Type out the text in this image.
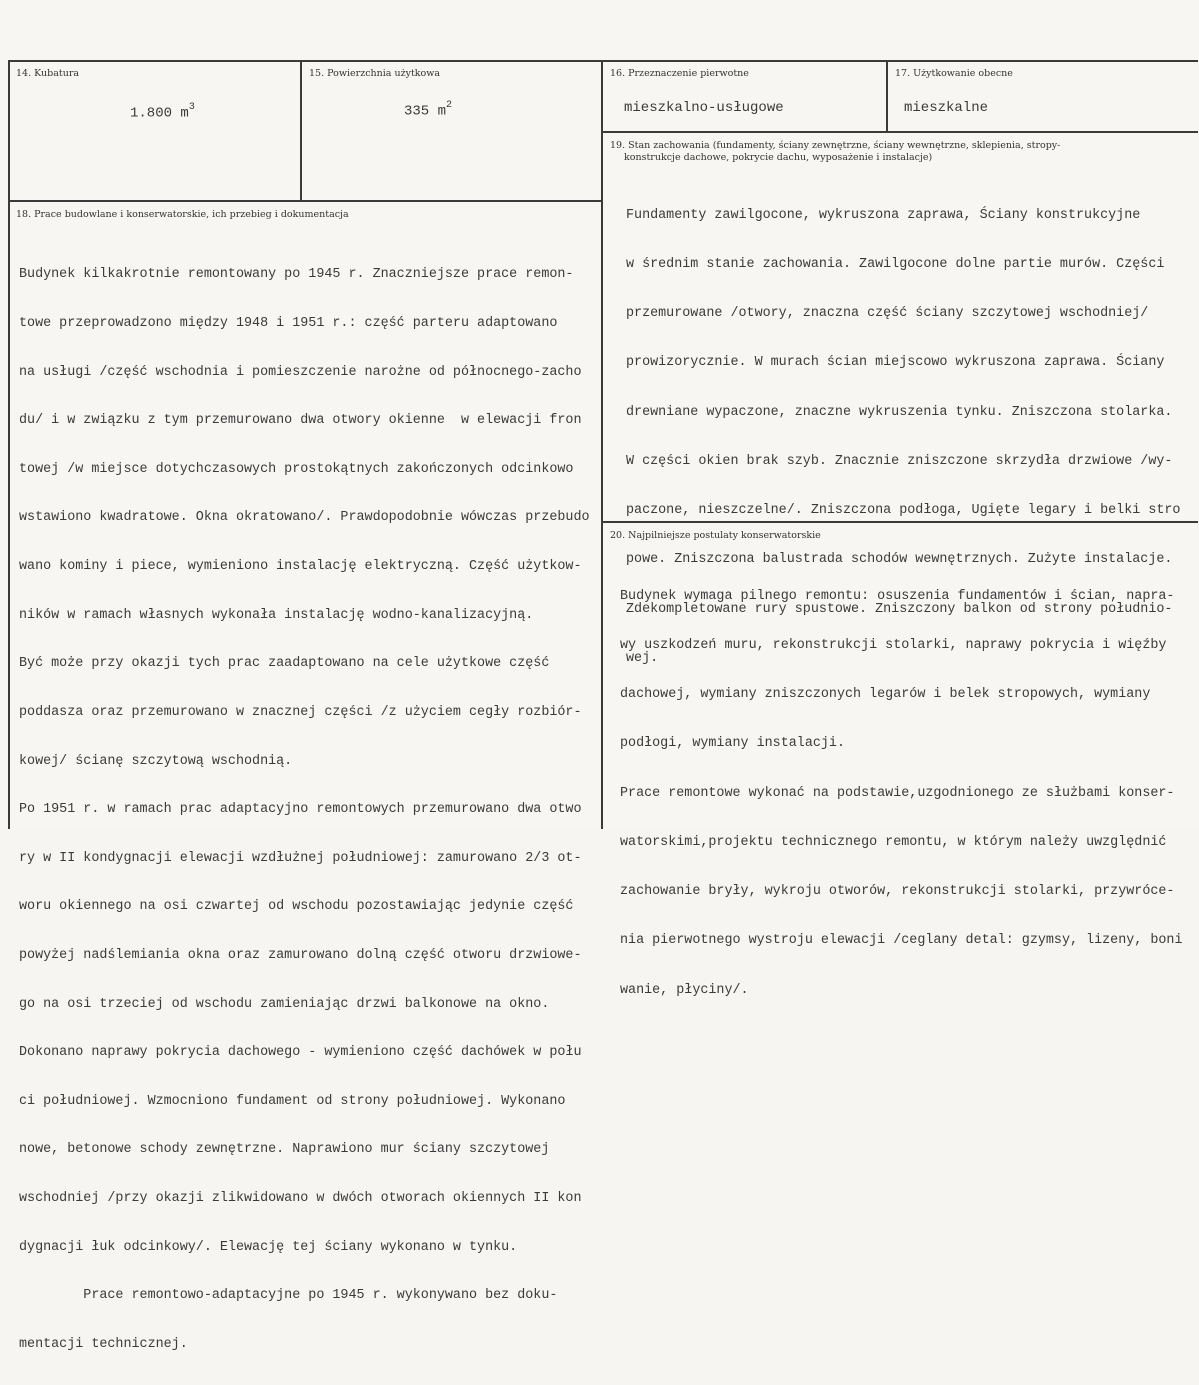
14. Kubatura
1.800 $m^3$
15. Powierzchnia użytkowa
335 $m^2$
16. Przeznaczenie pierwotne
mieszkalno-usługowe
17. Użytkowanie obecne
mieszkalne
18. Prace budowlane i konserwatorskie, ich przebieg i dokumentacja

Budynek kilkakrotnie remontowany po 1945 r. Znaczniejsze prace remon-

towe przeprowadzono między 1948 i 1951 r.: część parteru adaptowano

na usługi /część wschodnia i pomieszczenie narożne od północnego-zacho

du/ i w związku z tym przemurowano dwa otwory okienne  w elewacji fron

towej /w miejsce dotychczasowych prostokątnych zakończonych odcinkowo

wstawiono kwadratowe. Okna okratowano/. Prawdopodobnie wówczas przebudo

wano kominy i piece, wymieniono instalację elektryczną. Część użytkow-

ników w ramach własnych wykonała instalację wodno-kanalizacyjną.

Być może przy okazji tych prac zaadaptowano na cele użytkowe część

poddasza oraz przemurowano w znacznej części /z użyciem cegły rozbiór-

kowej/ ścianę szczytową wschodnią.

Po 1951 r. w ramach prac adaptacyjno remontowych przemurowano dwa otwo

ry w II kondygnacji elewacji wzdłużnej południowej: zamurowano 2/3 ot-

woru okiennego na osi czwartej od wschodu pozostawiając jedynie część

powyżej nadślemiania okna oraz zamurowano dolną część otworu drzwiowe-

go na osi trzeciej od wschodu zamieniając drzwi balkonowe na okno.

Dokonano naprawy pokrycia dachowego - wymieniono część dachówek w połu

ci południowej. Wzmocniono fundament od strony południowej. Wykonano

nowe, betonowe schody zewnętrzne. Naprawiono mur ściany szczytowej

wschodniej /przy okazji zlikwidowano w dwóch otworach okiennych II kon

dygnacji łuk odcinkowy/. Elewację tej ściany wykonano w tynku.

Prace remontowo-adaptacyjne po 1945 r. wykonywano bez doku-

mentacji technicznej.

19. Stan zachowania (fundamenty, ściany zewnętrzne, ściany wewnętrzne, sklepienia, stropy-
konstrukcje dachowe, pokrycie dachu, wyposażenie i instalacje)

Fundamenty zawilgocone, wykruszona zaprawa, Ściany konstrukcyjne

w średnim stanie zachowania. Zawilgocone dolne partie murów. Części

przemurowane /otwory, znaczna część ściany szczytowej wschodniej/

prowizorycznie. W murach ścian miejscowo wykruszona zaprawa. Ściany

drewniane wypaczone, znaczne wykruszenia tynku. Zniszczona stolarka.

W części okien brak szyb. Znacznie zniszczone skrzydła drzwiowe /wy-

paczone, nieszczelne/. Zniszczona podłoga, Ugięte legary i belki stro

powe. Zniszczona balustrada schodów wewnętrznych. Zużyte instalacje.

Zdekompletowane rury spustowe. Zniszczony balkon od strony południo-

wej.

20. Najpilniejsze postulaty konserwatorskie

Budynek wymaga pilnego remontu: osuszenia fundamentów i ścian, napra-

wy uszkodzeń muru, rekonstrukcji stolarki, naprawy pokrycia i więźby

dachowej, wymiany zniszczonych legarów i belek stropowych, wymiany

podłogi, wymiany instalacji.

Prace remontowe wykonać na podstawie,uzgodnionego ze służbami konser-

watorskimi,projektu technicznego remontu, w którym należy uwzględnić

zachowanie bryły, wykroju otworów, rekonstrukcji stolarki, przywróce-

nia pierwotnego wystroju elewacji /ceglany detal: gzymsy, lizeny, boni

wanie, płyciny/.
